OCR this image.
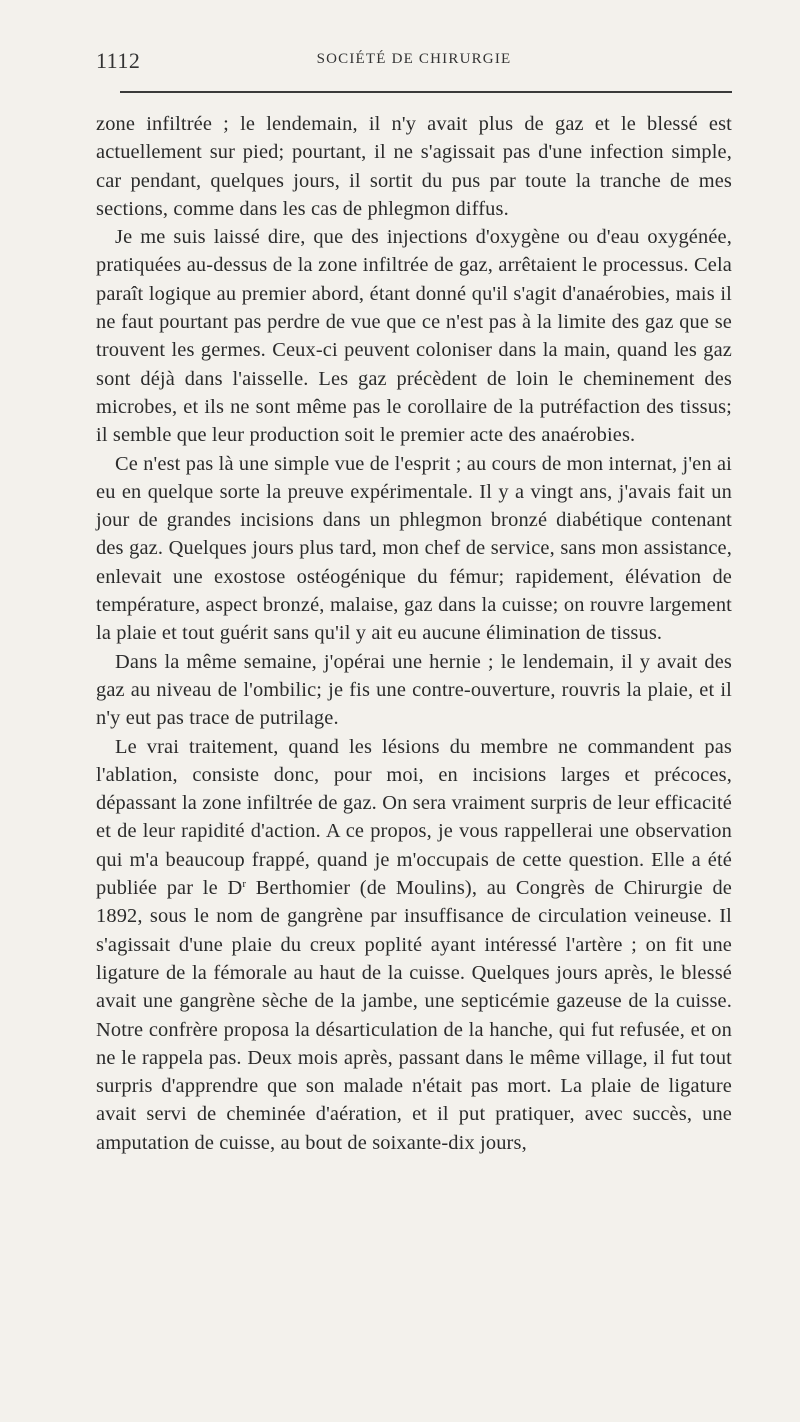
1112	SOCIÉTÉ DE CHIRURGIE

zone infiltrée ; le lendemain, il n'y avait plus de gaz et le blessé est actuellement sur pied; pourtant, il ne s'agissait pas d'une infection simple, car pendant, quelques jours, il sortit du pus par toute la tranche de mes sections, comme dans les cas de phlegmon diffus.

Je me suis laissé dire, que des injections d'oxygène ou d'eau oxygénée, pratiquées au-dessus de la zone infiltrée de gaz, arrêtaient le processus. Cela paraît logique au premier abord, étant donné qu'il s'agit d'anaérobies, mais il ne faut pourtant pas perdre de vue que ce n'est pas à la limite des gaz que se trouvent les germes. Ceux-ci peuvent coloniser dans la main, quand les gaz sont déjà dans l'aisselle. Les gaz précèdent de loin le cheminement des microbes, et ils ne sont même pas le corollaire de la putréfaction des tissus; il semble que leur production soit le premier acte des anaérobies.

Ce n'est pas là une simple vue de l'esprit ; au cours de mon internat, j'en ai eu en quelque sorte la preuve expérimentale. Il y a vingt ans, j'avais fait un jour de grandes incisions dans un phlegmon bronzé diabétique contenant des gaz. Quelques jours plus tard, mon chef de service, sans mon assistance, enlevait une exostose ostéogénique du fémur; rapidement, élévation de température, aspect bronzé, malaise, gaz dans la cuisse; on rouvre largement la plaie et tout guérit sans qu'il y ait eu aucune élimination de tissus.

Dans la même semaine, j'opérai une hernie ; le lendemain, il y avait des gaz au niveau de l'ombilic; je fis une contre-ouverture, rouvris la plaie, et il n'y eut pas trace de putrilage.

Le vrai traitement, quand les lésions du membre ne commandent pas l'ablation, consiste donc, pour moi, en incisions larges et précoces, dépassant la zone infiltrée de gaz. On sera vraiment surpris de leur efficacité et de leur rapidité d'action. A ce propos, je vous rappellerai une observation qui m'a beaucoup frappé, quand je m'occupais de cette question. Elle a été publiée par le $D^r$ Berthomier (de Moulins), au Congrès de Chirurgie de 1892, sous le nom de gangrène par insuffisance de circulation veineuse. Il s'agissait d'une plaie du creux poplité ayant intéressé l'artère ; on fit une ligature de la fémorale au haut de la cuisse. Quelques jours après, le blessé avait une gangrène sèche de la jambe, une septicémie gazeuse de la cuisse. Notre confrère proposa la désarticulation de la hanche, qui fut refusée, et on ne le rappela pas. Deux mois après, passant dans le même village, il fut tout surpris d'apprendre que son malade n'était pas mort. La plaie de ligature avait servi de cheminée d'aération, et il put pratiquer, avec succès, une amputation de cuisse, au bout de soixante-dix jours,
